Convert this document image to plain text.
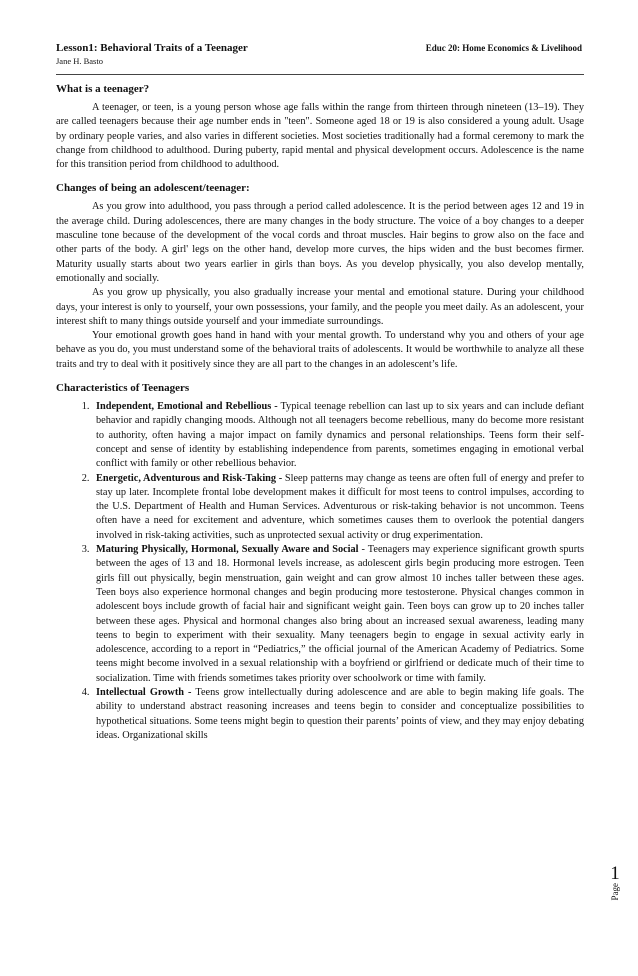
Lesson1: Behavioral Traits of a Teenager	Educ 20: Home Economics & Livelihood
Jane H. Basto
What is a teenager?

A teenager, or teen, is a young person whose age falls within the range from thirteen through nineteen (13–19). They are called teenagers because their age number ends in "teen". Someone aged 18 or 19 is also considered a young adult. Usage by ordinary people varies, and also varies in different societies. Most societies traditionally had a formal ceremony to mark the change from childhood to adulthood. During puberty, rapid mental and physical development occurs. Adolescence is the name for this transition period from childhood to adulthood.

Changes of being an adolescent/teenager:

As you grow into adulthood, you pass through a period called adolescence. It is the period between ages 12 and 19 in the average child. During adolescences, there are many changes in the body structure. The voice of a boy changes to a deeper masculine tone because of the development of the vocal cords and throat muscles. Hair begins to grow also on the face and other parts of the body. A girl' legs on the other hand, develop more curves, the hips widen and the bust becomes firmer. Maturity usually starts about two years earlier in girls than boys. As you develop physically, you also develop mentally, emotionally and socially.

As you grow up physically, you also gradually increase your mental and emotional stature. During your childhood days, your interest is only to yourself, your own possessions, your family, and the people you meet daily. As an adolescent, your interest shift to many things outside yourself and your immediate surroundings.

Your emotional growth goes hand in hand with your mental growth. To understand why you and others of your age behave as you do, you must understand some of the behavioral traits of adolescents. It would be worthwhile to analyze all these traits and try to deal with it positively since they are all part to the changes in an adolescent’s life.

Characteristics of Teenagers
1. Independent, Emotional and Rebellious - Typical teenage rebellion can last up to six years and can include defiant behavior and rapidly changing moods. Although not all teenagers become rebellious, many do become more resistant to authority, often having a major impact on family dynamics and personal relationships. Teens form their self-concept and sense of identity by establishing independence from parents, sometimes engaging in emotional verbal conflict with family or other rebellious behavior.
2. Energetic, Adventurous and Risk-Taking - Sleep patterns may change as teens are often full of energy and prefer to stay up later. Incomplete frontal lobe development makes it difficult for most teens to control impulses, according to the U.S. Department of Health and Human Services. Adventurous or risk-taking behavior is not uncommon. Teens often have a need for excitement and adventure, which sometimes causes them to overlook the potential dangers involved in risk-taking activities, such as unprotected sexual activity or drug experimentation.
3. Maturing Physically, Hormonal, Sexually Aware and Social - Teenagers may experience significant growth spurts between the ages of 13 and 18. Hormonal levels increase, as adolescent girls begin producing more estrogen. Teen girls fill out physically, begin menstruation, gain weight and can grow almost 10 inches taller between these ages. Teen boys also experience hormonal changes and begin producing more testosterone. Physical changes common in adolescent boys include growth of facial hair and significant weight gain. Teen boys can grow up to 20 inches taller between these ages. Physical and hormonal changes also bring about an increased sexual awareness, leading many teens to begin to experiment with their sexuality. Many teenagers begin to engage in sexual activity early in adolescence, according to a report in “Pediatrics,” the official journal of the American Academy of Pediatrics. Some teens might become involved in a sexual relationship with a boyfriend or girlfriend or dedicate much of their time to socialization. Time with friends sometimes takes priority over schoolwork or time with family.
4. Intellectual Growth - Teens grow intellectually during adolescence and are able to begin making life goals. The ability to understand abstract reasoning increases and teens begin to consider and conceptualize possibilities to hypothetical situations. Some teens might begin to question their parents’ points of view, and they may enjoy debating ideas. Organizational skills
1
Page
